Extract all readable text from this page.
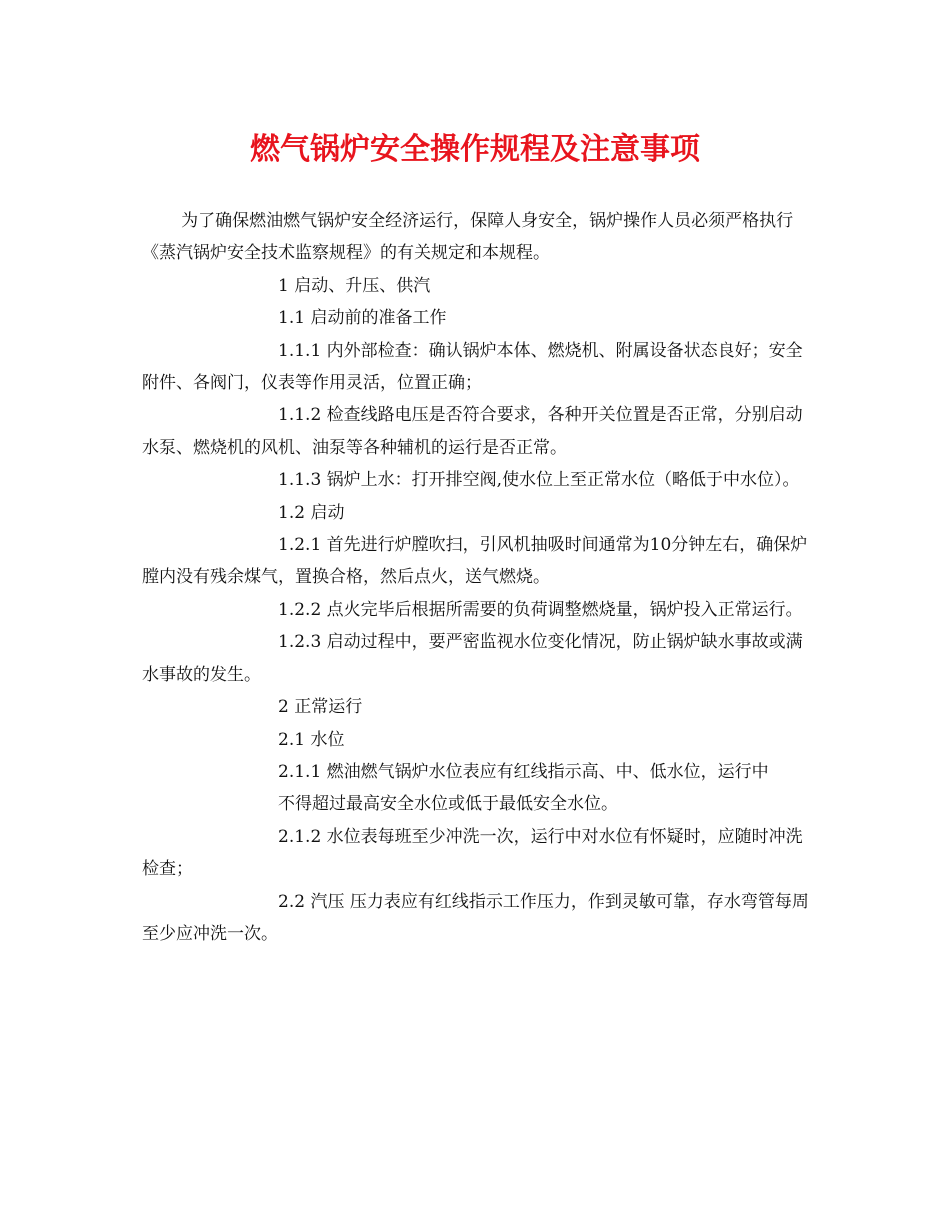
燃气锅炉安全操作规程及注意事项

为了确保燃油燃气锅炉安全经济运行，保障人身安全，锅炉操作人员必须严格执行《蒸汽锅炉安全技术监察规程》的有关规定和本规程。

1 启动、升压、供汽

1.1 启动前的准备工作

1.1.1 内外部检查：确认锅炉本体、燃烧机、附属设备状态良好；安全附件、各阀门，仪表等作用灵活，位置正确；

1.1.2 检查线路电压是否符合要求，各种开关位置是否正常，分别启动水泵、燃烧机的风机、油泵等各种辅机的运行是否正常。

1.1.3 锅炉上水：打开排空阀,使水位上至正常水位（略低于中水位）。

1.2 启动

1.2.1 首先进行炉膛吹扫，引风机抽吸时间通常为10分钟左右，确保炉膛内没有残余煤气，置换合格，然后点火，送气燃烧。

1.2.2 点火完毕后根据所需要的负荷调整燃烧量，锅炉投入正常运行。

1.2.3 启动过程中，要严密监视水位变化情况，防止锅炉缺水事故或满水事故的发生。

2 正常运行

2.1 水位

2.1.1 燃油燃气锅炉水位表应有红线指示高、中、低水位，运行中

不得超过最高安全水位或低于最低安全水位。

2.1.2 水位表每班至少冲洗一次，运行中对水位有怀疑时，应随时冲洗检查；

2.2 汽压 压力表应有红线指示工作压力，作到灵敏可靠，存水弯管每周至少应冲洗一次。
